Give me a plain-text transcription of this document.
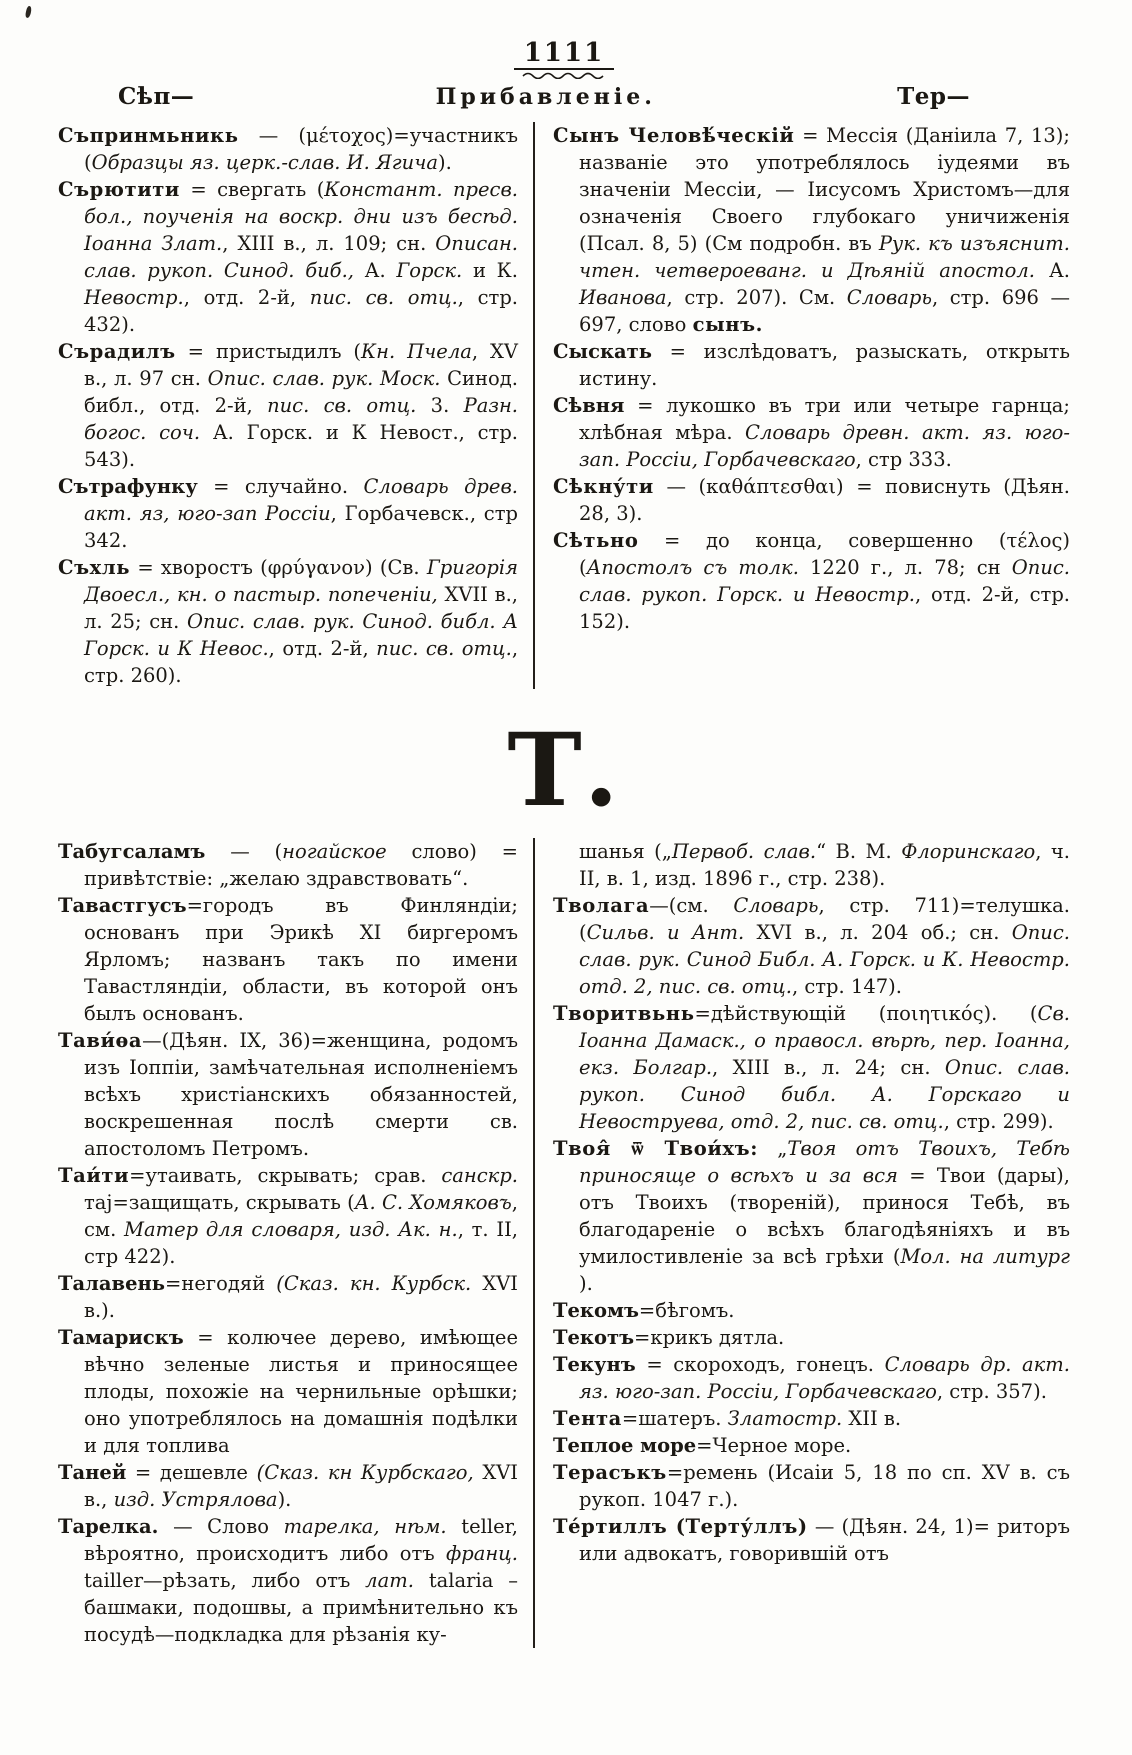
1111
Сѣп—	Прибавленіе.	Тер—

Съпринмьникь — (μέτοχος)=участникъ (Образцы яз. церк.-слав. И. Ягича).

Сърютити = свергать (Констант. пресв. бол., поученія на воскр. дни изъ бесѣд. Іоанна Злат., XIII в., л. 109; сн. Описан. слав. рукоп. Синод. биб., А. Горск. и К. Невостр., отд. 2-й, пис. св. отц., стр. 432).

Сърадилъ = пристыдилъ (Кн. Пчела, XV в., л. 97 сн. Опис. слав. рук. Моск. Синод. библ., отд. 2-й, пис. св. отц. 3. Разн. богос. соч. А. Горск. и К Невост., стр. 543).

Сътрафунку = случайно. Словарь древ. акт. яз, юго-зап Россіи, Горбачевск., стр 342.

Съхль = хворостъ (φρύγανον) (Св. Григорія Двоесл., кн. о пастыр. попеченіи, XVII в., л. 25; сн. Опис. слав. рук. Синод. библ. А Горск. и К Невос., отд. 2-й, пис. св. отц., стр. 260).

Сынъ Человѣ́ческій = Мессія (Даніила 7, 13); названіе это употреблялось іудеями въ значеніи Мессіи, — Іисусомъ Христомъ—для означенія Своего глубокаго уничиженія (Псал. 8, 5) (См подробн. въ Рук. къ изъяснит. чтен. четвероеванг. и Дѣяній апостол. А. Иванова, стр. 207). См. Словарь, стр. 696 — 697, слово сынъ.

Сыскать = изслѣдоватъ, разыскать, открыть истину.

Сѣвня = лукошко въ три или четыре гарнца; хлѣбная мѣра. Словарь древн. акт. яз. юго-зап. Россіи, Горбачевскаго, стр 333.

Сѣкну́ти — (καθάπτεσθαι) = повиснуть (Дѣян. 28, 3).

Сѣтьно = до конца, совершенно (τέλος) (Апостолъ съ толк. 1220 г., л. 78; сн Опис. слав. рукоп. Горск. и Невостр., отд. 2-й, стр. 152).

Т.

Табугсаламъ — (ногайское слово) = привѣтствіе: „желаю здравствовать“.

Тавастгусъ=городъ въ Финляндіи; основанъ при Эрикѣ XI биргеромъ Ярломъ; названъ такъ по имени Тавастляндіи, области, въ которой онъ былъ основанъ.

Тави́ѳа—(Дѣян. IX, 36)=женщина, родомъ изъ Іоппіи, замѣчательная исполненіемъ всѣхъ христіанскихъ обязанностей, воскрешенная послѣ смерти св. апостоломъ Петромъ.

Таи́ти=утаивать, скрывать; срав. санскр. таj=защищать, скрывать (А. С. Хомяковъ, см. Матер для словаря, изд. Ак. н., т. II, стр 422).

Талавень=негодяй (Сказ. кн. Курбск. XVI в.).

Тамарискъ = колючее дерево, имѣющее вѣчно зеленые листья и приносящее плоды, похожіе на чернильные орѣшки; оно употреблялось на домашнія подѣлки и для топлива

Таней = дешевле (Сказ. кн Курбскаго, XVI в., изд. Устрялова).

Тарелка. — Слово тарелка, нѣм. teller, вѣроятно, происходитъ либо отъ франц. tailler—рѣзать, либо отъ лат. talaria – башмаки, подошвы, а примѣнительно къ посудѣ—подкладка для рѣзанія ку-

шанья („Первоб. слав.“ В. М. Флоринскаго, ч. II, в. 1, изд. 1896 г., стр. 238).

Тволага—(см. Словарь, стр. 711)=телушка. (Сильв. и Ант. XVI в., л. 204 об.; сн. Опис. слав. рук. Синод Библ. А. Горск. и К. Невостр. отд. 2, пис. св. отц., стр. 147).

Творитвьнь=дѣйствующій (ποιητικός). (Св. Іоанна Дамаск., о правосл. вѣрѣ, пер. Іоанна, екз. Болгар., XIII в., л. 24; сн. Опис. слав. рукоп. Синод библ. А. Горскаго и Невоструева, отд. 2, пис. св. отц., стр. 299).

Твоя̂ ѿ Твои́хъ: „Твоя отъ Твоихъ, Тебѣ приносяще о всѣхъ и за вся = Твои (дары), отъ Твоихъ (твореній), принося Тебѣ, въ благодареніе о всѣхъ благодѣяніяхъ и въ умилостивленіе за всѣ грѣхи (Мол. на литург ).

Текомъ=бѣгомъ.

Текотъ=крикъ дятла.

Текунъ = скороходъ, гонецъ. Словарь др. акт. яз. юго-зап. Россіи, Горбачевскаго, стр. 357).

Тента=шатеръ. Златостр. XII в.

Теплое море=Черное море.

Терасъкъ=ремень (Исаіи 5, 18 по сп. XV в. съ рукоп. 1047 г.).

Те́ртиллъ (Терту́ллъ) — (Дѣян. 24, 1)= риторъ или адвокатъ, говорившій отъ
